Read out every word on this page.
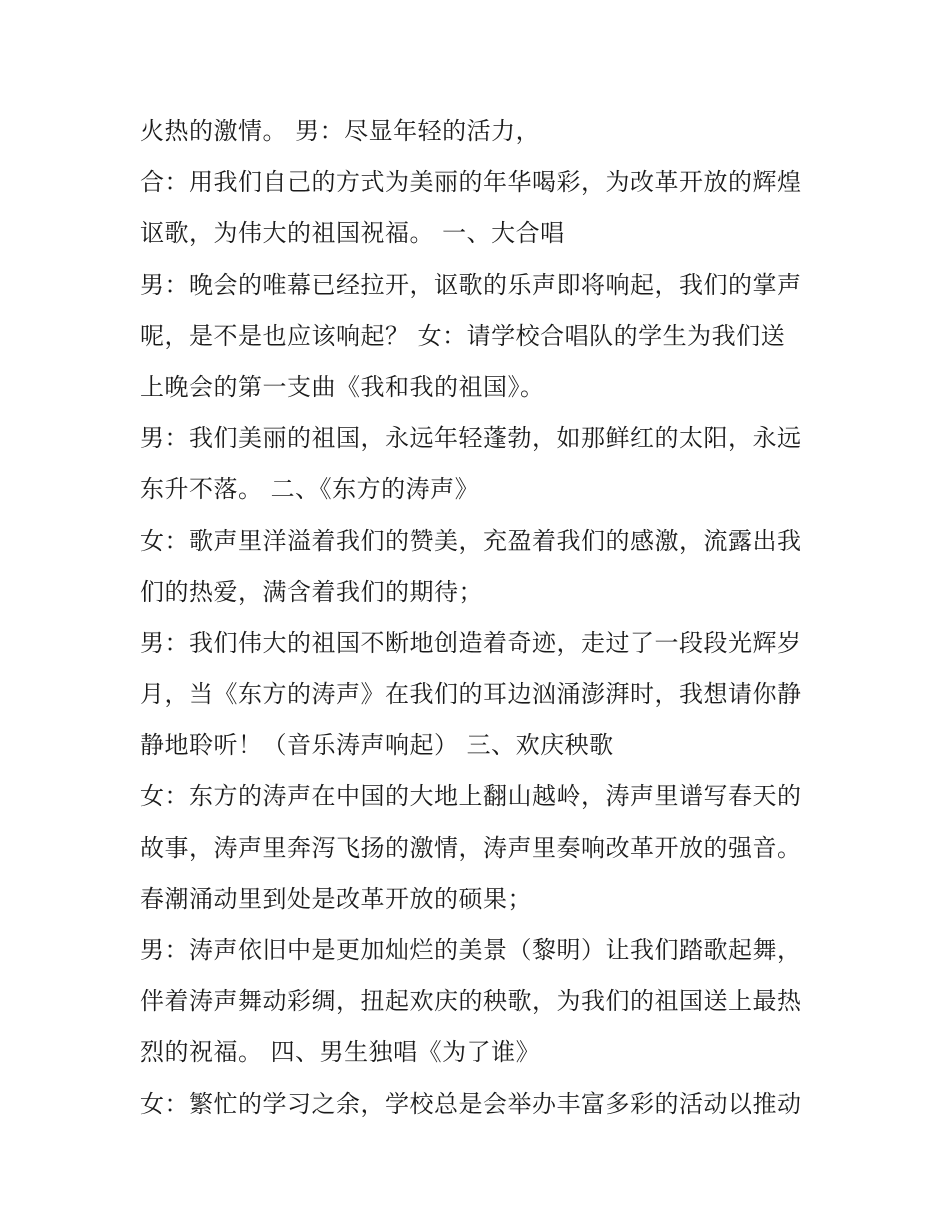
火热的激情。 男：尽显年轻的活力，
合：用我们自己的方式为美丽的年华喝彩，为改革开放的辉煌
讴歌，为伟大的祖国祝福。 一、大合唱
男：晚会的唯幕已经拉开，讴歌的乐声即将响起，我们的掌声
呢，是不是也应该响起？ 女：请学校合唱队的学生为我们送
上晚会的第一支曲《我和我的祖国》。
男：我们美丽的祖国，永远年轻蓬勃，如那鲜红的太阳，永远
东升不落。 二、《东方的涛声》
女：歌声里洋溢着我们的赞美，充盈着我们的感激，流露出我
们的热爱，满含着我们的期待；
男：我们伟大的祖国不断地创造着奇迹，走过了一段段光辉岁
月，当《东方的涛声》在我们的耳边汹涌澎湃时，我想请你静
静地聆听！（音乐涛声响起） 三、欢庆秧歌
女：东方的涛声在中国的大地上翻山越岭，涛声里谱写春天的
故事，涛声里奔泻飞扬的激情，涛声里奏响改革开放的强音。
春潮涌动里到处是改革开放的硕果；
男：涛声依旧中是更加灿烂的美景（黎明）让我们踏歌起舞，
伴着涛声舞动彩绸，扭起欢庆的秧歌，为我们的祖国送上最热
烈的祝福。 四、男生独唱《为了谁》
女：繁忙的学习之余，学校总是会举办丰富多彩的活动以推动
